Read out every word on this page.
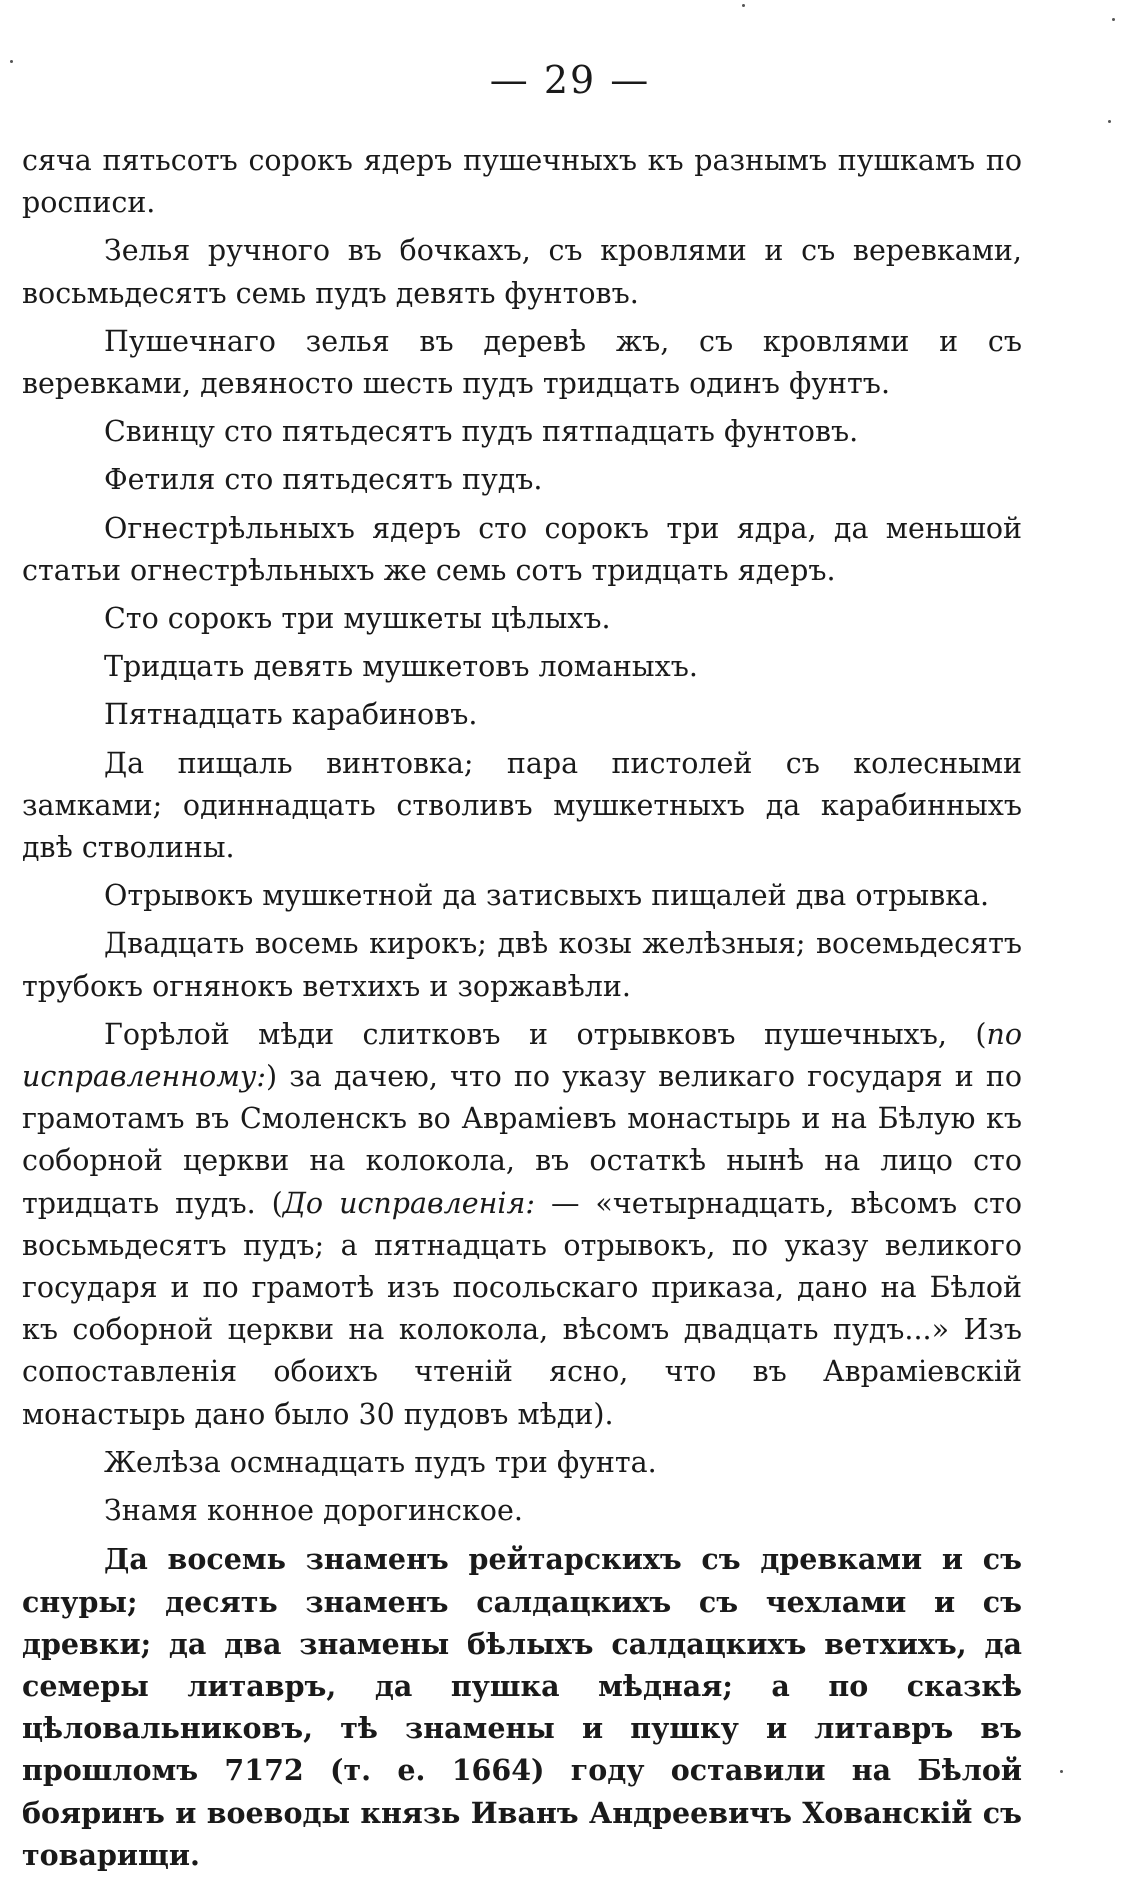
— 29 —

сяча пятьсотъ сорокъ ядеръ пушечныхъ къ разнымъ пушкамъ по росписи.

Зелья ручного въ бочкахъ, съ кровлями и съ веревками, восьмьдесятъ семь пудъ девять фунтовъ.

Пушечнаго зелья въ деревѣ жъ, съ кровлями и съ веревками, девяносто шесть пудъ тридцать одинъ фунтъ.

Свинцу сто пятьдесятъ пудъ пятпадцать фунтовъ.

Фетиля сто пятьдесятъ пудъ.

Огнестрѣльныхъ ядеръ сто сорокъ три ядра, да меньшой статьи огнестрѣльныхъ же семь сотъ тридцать ядеръ.

Сто сорокъ три мушкеты цѣлыхъ.

Тридцать девять мушкетовъ ломаныхъ.

Пятнадцать карабиновъ.

Да пищаль винтовка; пара пистолей съ колесными замками; одиннадцать стволивъ мушкетныхъ да карабинныхъ двѣ стволины.

Отрывокъ мушкетной да затисвыхъ пищалей два отрывка.

Двадцать восемь кирокъ; двѣ козы желѣзныя; восемьдесятъ трубокъ огнянокъ ветхихъ и зоржавѣли.

Горѣлой мѣди слитковъ и отрывковъ пушечныхъ, (по исправленному:) за дачею, что по указу великаго государя и по грамотамъ въ Смоленскъ во Авраміевъ монастырь и на Бѣлую къ соборной церкви на колокола, въ остаткѣ нынѣ на лицо сто тридцать пудъ. (До исправленія: — «четырнадцать, вѣсомъ сто восьмьдесятъ пудъ; а пятнадцать отрывокъ, по указу великого государя и по грамотѣ изъ посольскаго приказа, дано на Бѣлой къ соборной церкви на колокола, вѣсомъ двадцать пудъ...» Изъ сопоставленія обоихъ чтеній ясно, что въ Авраміевскій монастырь дано было 30 пудовъ мѣди).

Желѣза осмнадцать пудъ три фунта.

Знамя конное дорогинское.

Да восемь знаменъ рейтарскихъ съ древками и съ снуры; десять знаменъ салдацкихъ съ чехлами и съ древки; да два знамены бѣлыхъ салдацкихъ ветхихъ, да семеры литавръ, да пушка мѣдная; а по сказкѣ цѣловальниковъ, тѣ знамены и пушку и литавръ въ прошломъ 7172 (т. е. 1664) году оставили на Бѣлой бояринъ и воеводы князь Иванъ Андреевичъ Хованскій съ товарищи.
